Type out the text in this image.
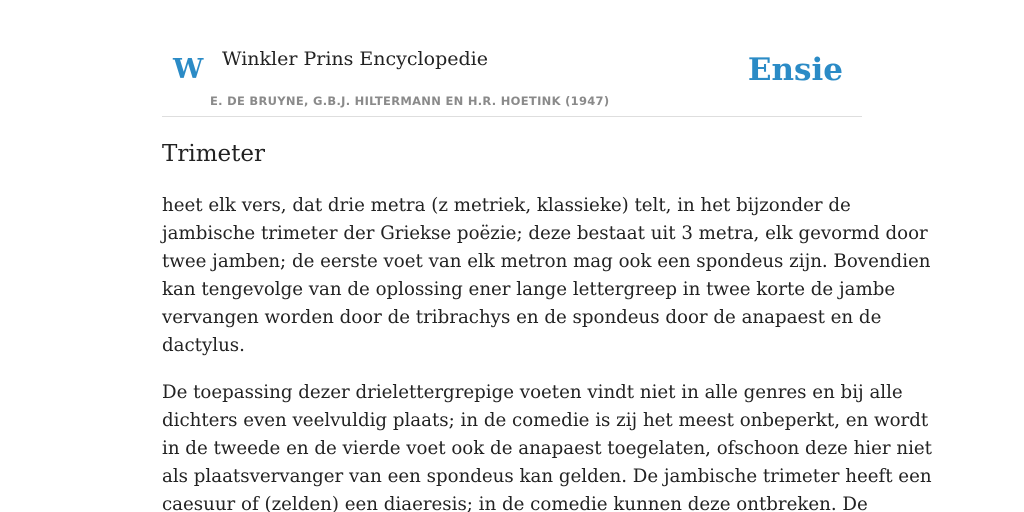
W Winkler Prins Encyclopedie
E. DE BRUYNE, G.B.J. HILTERMANN EN H.R. HOETINK (1947)
Ensie
Trimeter

heet elk vers, dat drie metra (z metriek, klassieke) telt, in het bijzonder de
jambische trimeter der Griekse poëzie; deze bestaat uit 3 metra, elk gevormd door
twee jamben; de eerste voet van elk metron mag ook een spondeus zijn. Bovendien
kan tengevolge van de oplossing ener lange lettergreep in twee korte de jambe
vervangen worden door de tribrachys en de spondeus door de anapaest en de
dactylus.

De toepassing dezer drielettergrepige voeten vindt niet in alle genres en bij alle
dichters even veelvuldig plaats; in de comedie is zij het meest onbeperkt, en wordt
in de tweede en de vierde voet ook de anapaest toegelaten, ofschoon deze hier niet
als plaatsvervanger van een spondeus kan gelden. De jambische trimeter heeft een
caesuur of (zelden) een diaeresis; in de comedie kunnen deze ontbreken. De
